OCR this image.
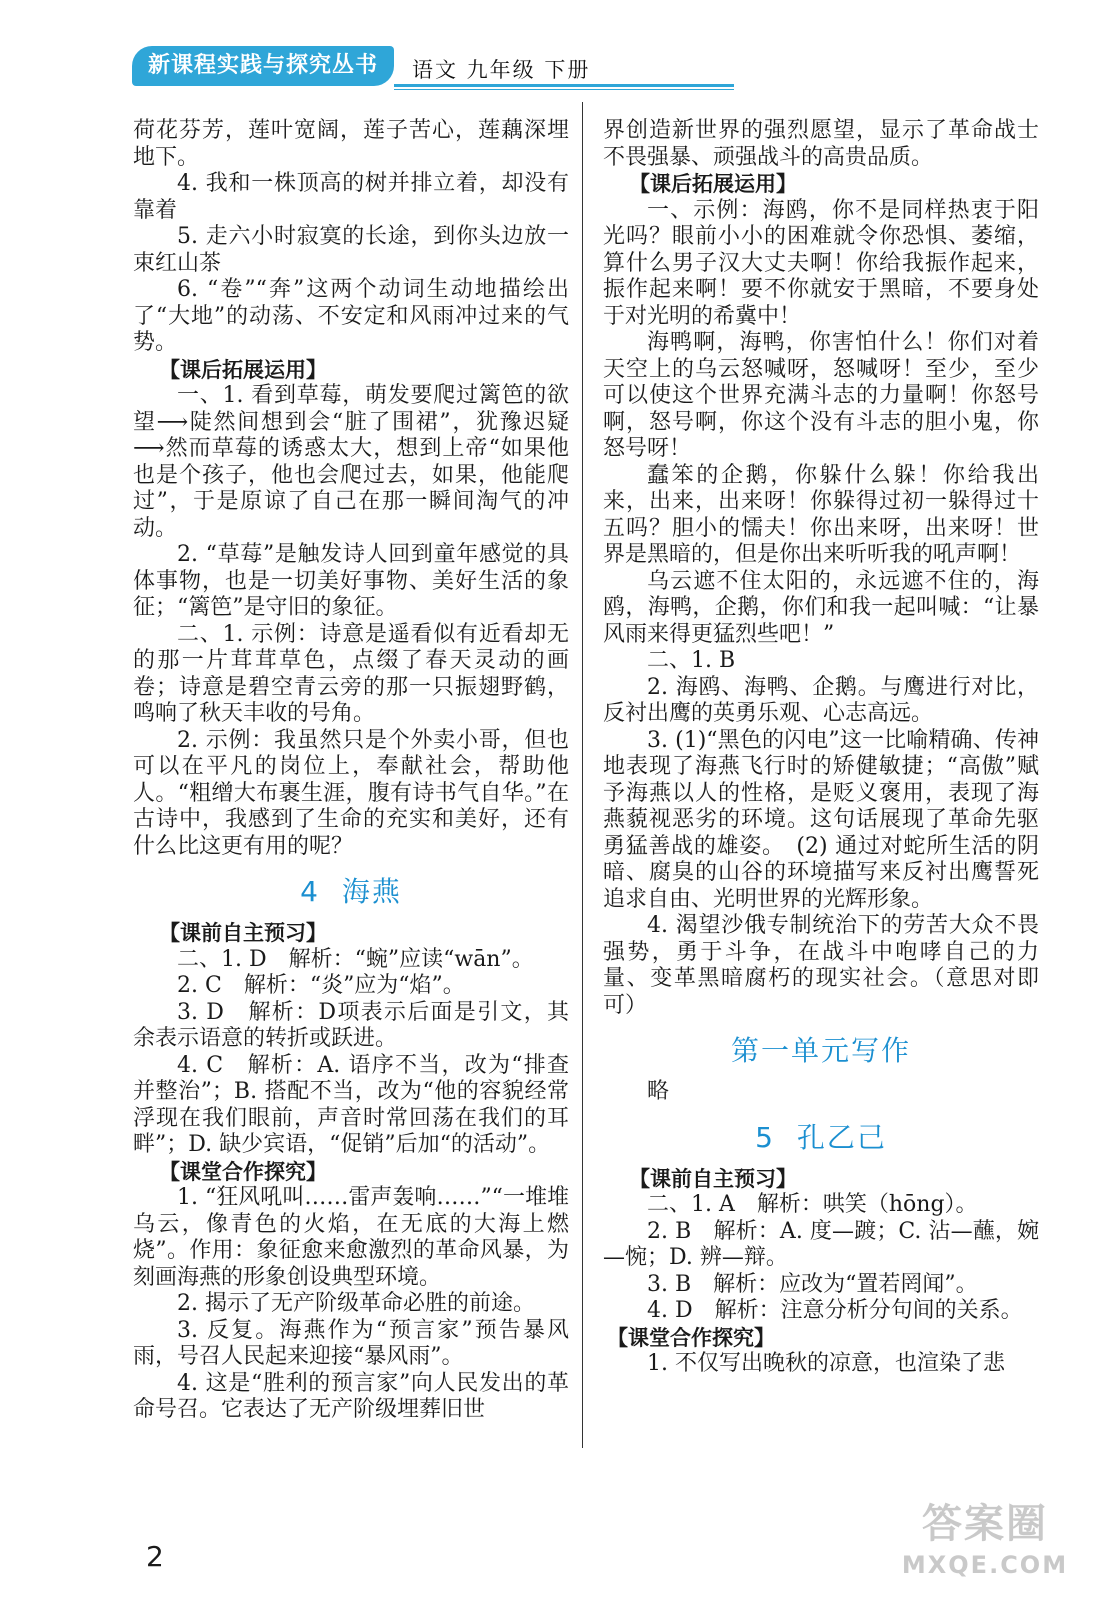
新课程实践与探究丛书	语文 九年级 下册

荷花芬芳，莲叶宽阔，莲子苦心，莲藕深埋地下。

4. 我和一株顶高的树并排立着，却没有靠着

5. 走六小时寂寞的长途，到你头边放一束红山茶

6. “卷”“奔”这两个动词生动地描绘出了“大地”的动荡、不安定和风雨冲过来的气势。

【课后拓展运用】

一、1. 看到草莓，萌发要爬过篱笆的欲望⟶陡然间想到会“脏了围裙”，犹豫迟疑⟶然而草莓的诱惑太大，想到上帝“如果他也是个孩子，他也会爬过去，如果，他能爬过”，于是原谅了自己在那一瞬间淘气的冲动。

2. “草莓”是触发诗人回到童年感觉的具体事物，也是一切美好事物、美好生活的象征；“篱笆”是守旧的象征。

二、1. 示例：诗意是遥看似有近看却无的那一片茸茸草色，点缀了春天灵动的画卷；诗意是碧空青云旁的那一只振翅野鹤，鸣响了秋天丰收的号角。

2. 示例：我虽然只是个外卖小哥，但也可以在平凡的岗位上，奉献社会，帮助他人。“粗缯大布裹生涯，腹有诗书气自华。”在古诗中，我感到了生命的充实和美好，还有什么比这更有用的呢？

4 海燕

【课前自主预习】

二、1. D　解析：“蜿”应读“wān”。

2. C　解析：“炎”应为“焰”。

3. D　解析：D项表示后面是引文，其余表示语意的转折或跃进。

4. C　解析：A. 语序不当，改为“排查并整治”；B. 搭配不当，改为“他的容貌经常浮现在我们眼前，声音时常回荡在我们的耳畔”；D. 缺少宾语，“促销”后加“的活动”。

【课堂合作探究】

1. “狂风吼叫……雷声轰响……”“一堆堆乌云，像青色的火焰，在无底的大海上燃烧”。作用：象征愈来愈激烈的革命风暴，为刻画海燕的形象创设典型环境。

2. 揭示了无产阶级革命必胜的前途。

3. 反复。海燕作为“预言家”预告暴风雨，号召人民起来迎接“暴风雨”。

4. 这是“胜利的预言家”向人民发出的革命号召。它表达了无产阶级埋葬旧世

界创造新世界的强烈愿望，显示了革命战士不畏强暴、顽强战斗的高贵品质。

【课后拓展运用】

一、示例：海鸥，你不是同样热衷于阳光吗？眼前小小的困难就令你恐惧、萎缩，算什么男子汉大丈夫啊！你给我振作起来，振作起来啊！要不你就安于黑暗，不要身处于对光明的希冀中！

海鸭啊，海鸭，你害怕什么！你们对着天空上的乌云怒喊呀，怒喊呀！至少，至少可以使这个世界充满斗志的力量啊！你怒号啊，怒号啊，你这个没有斗志的胆小鬼，你怒号呀！

蠢笨的企鹅，你躲什么躲！你给我出来，出来，出来呀！你躲得过初一躲得过十五吗？胆小的懦夫！你出来呀，出来呀！世界是黑暗的，但是你出来听听我的吼声啊！

乌云遮不住太阳的，永远遮不住的，海鸥，海鸭，企鹅，你们和我一起叫喊：“让暴风雨来得更猛烈些吧！”

二、1. B

2. 海鸥、海鸭、企鹅。与鹰进行对比，反衬出鹰的英勇乐观、心志高远。

3. (1)“黑色的闪电”这一比喻精确、传神地表现了海燕飞行时的矫健敏捷；“高傲”赋予海燕以人的性格，是贬义褒用，表现了海燕藐视恶劣的环境。这句话展现了革命先驱勇猛善战的雄姿。　(2) 通过对蛇所生活的阴暗、腐臭的山谷的环境描写来反衬出鹰誓死追求自由、光明世界的光辉形象。

4. 渴望沙俄专制统治下的劳苦大众不畏强势，勇于斗争，在战斗中咆哮自己的力量、变革黑暗腐朽的现实社会。（意思对即可）

第一单元写作

略

5 孔乙己

【课前自主预习】

二、1. A　解析：哄笑（hōng）。

2. B　解析：A. 度—踱；C. 沾—蘸，婉—惋；D. 辨—辩。

3. B　解析：应改为“置若罔闻”。

4. D　解析：注意分析分句间的关系。

【课堂合作探究】

1. 不仅写出晚秋的凉意，也渲染了悲

2
答案圈
MXQE.COM
